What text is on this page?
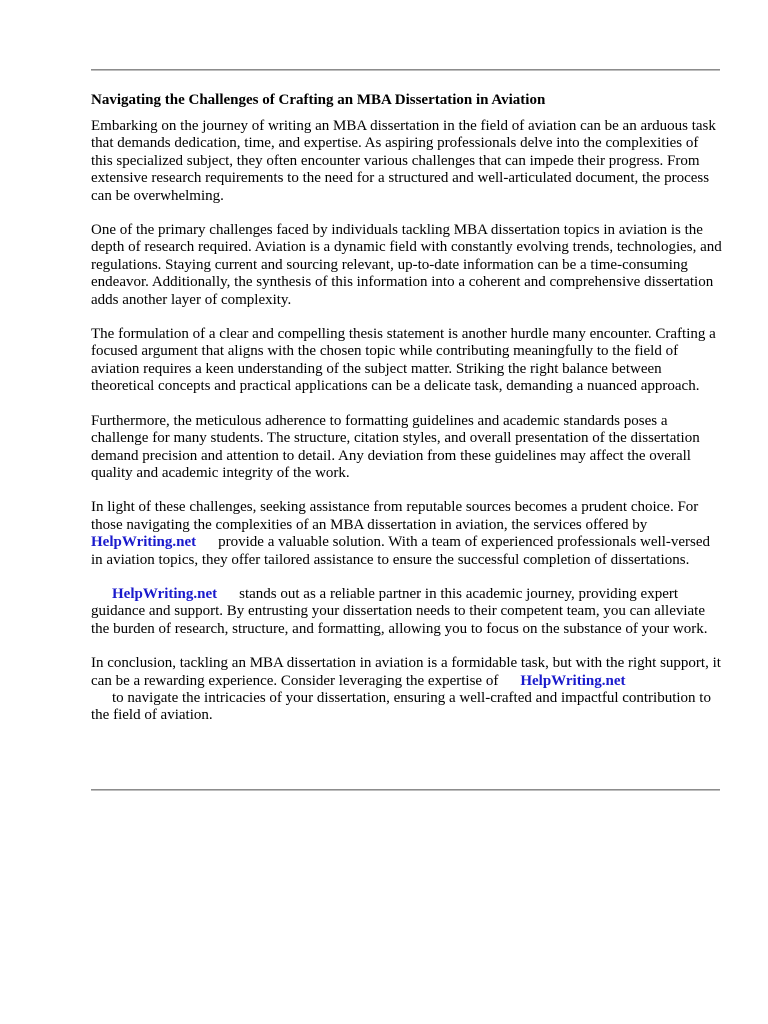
Navigating the Challenges of Crafting an MBA Dissertation in Aviation

Embarking on the journey of writing an MBA dissertation in the field of aviation can be an arduous task that demands dedication, time, and expertise. As aspiring professionals delve into the complexities of this specialized subject, they often encounter various challenges that can impede their progress. From extensive research requirements to the need for a structured and well-articulated document, the process can be overwhelming.

One of the primary challenges faced by individuals tackling MBA dissertation topics in aviation is the depth of research required. Aviation is a dynamic field with constantly evolving trends, technologies, and regulations. Staying current and sourcing relevant, up-to-date information can be a time-consuming endeavor. Additionally, the synthesis of this information into a coherent and comprehensive dissertation adds another layer of complexity.

The formulation of a clear and compelling thesis statement is another hurdle many encounter. Crafting a focused argument that aligns with the chosen topic while contributing meaningfully to the field of aviation requires a keen understanding of the subject matter. Striking the right balance between theoretical concepts and practical applications can be a delicate task, demanding a nuanced approach.

Furthermore, the meticulous adherence to formatting guidelines and academic standards poses a challenge for many students. The structure, citation styles, and overall presentation of the dissertation demand precision and attention to detail. Any deviation from these guidelines may affect the overall quality and academic integrity of the work.

In light of these challenges, seeking assistance from reputable sources becomes a prudent choice. For those navigating the complexities of an MBA dissertation in aviation, the services offered by
HelpWriting.net provide a valuable solution. With a team of experienced professionals well-versed in aviation topics, they offer tailored assistance to ensure the successful completion of dissertations.

HelpWriting.net stands out as a reliable partner in this academic journey, providing expert guidance and support. By entrusting your dissertation needs to their competent team, you can alleviate the burden of research, structure, and formatting, allowing you to focus on the substance of your work.

In conclusion, tackling an MBA dissertation in aviation is a formidable task, but with the right support, it can be a rewarding experience. Consider leveraging the expertise of HelpWriting.net
to navigate the intricacies of your dissertation, ensuring a well-crafted and impactful contribution to the field of aviation.
